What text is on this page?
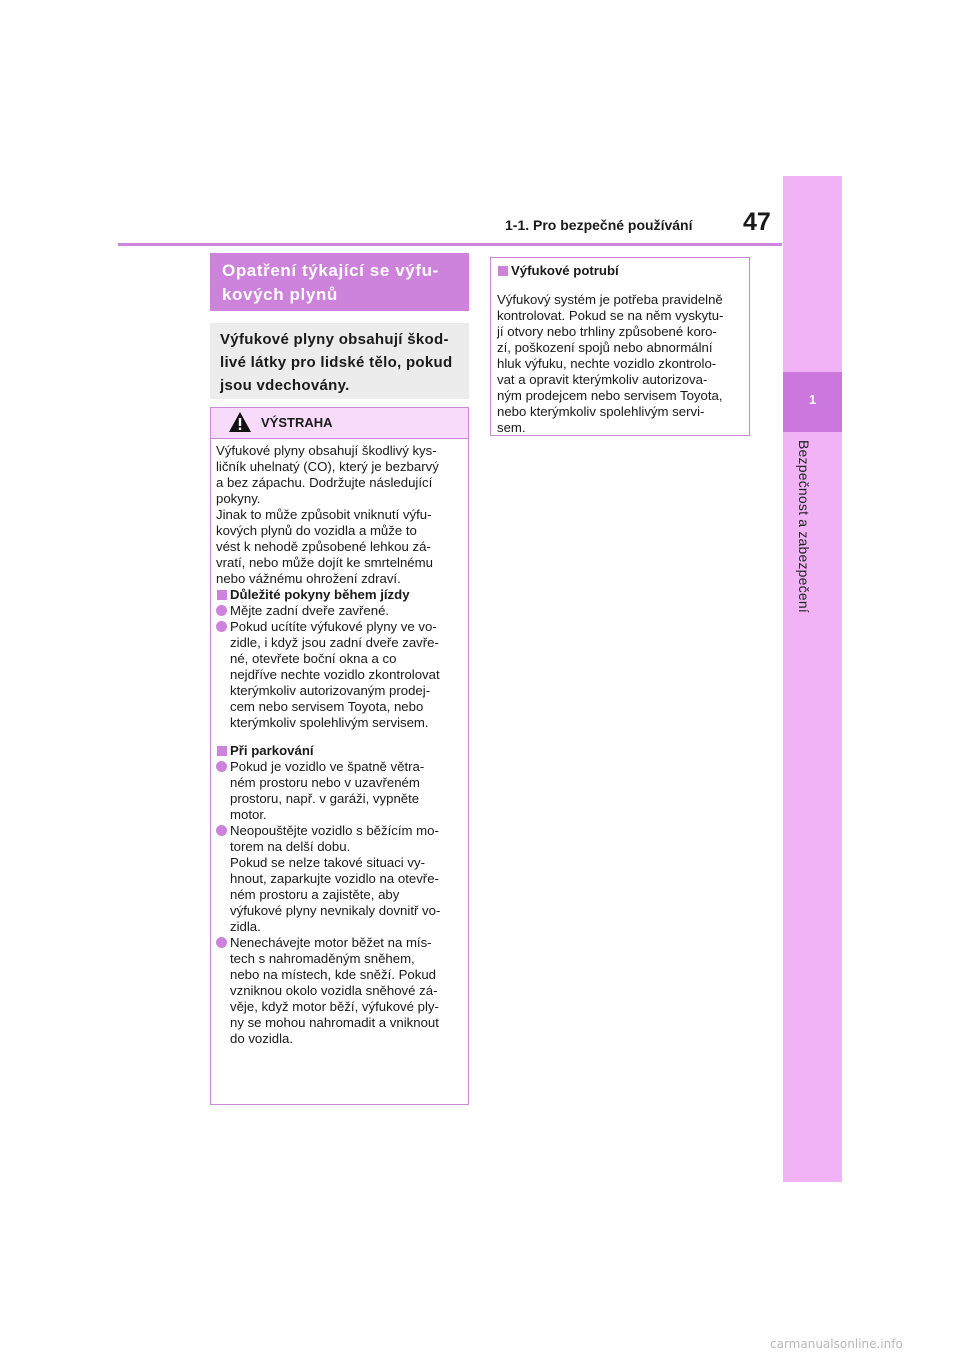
1-1. Pro bezpečné používání 47
1
Bezpečnost a zabezpečení
Opatření týkající se výfu-
kových plynů
Výfukové plyny obsahují škod-
livé látky pro lidské tělo, pokud
jsou vdechovány.
VÝSTRAHA

Výfukové plyny obsahují škodlivý kys-
ličník uhelnatý (CO), který je bezbarvý
a bez zápachu. Dodržujte následující
pokyny.
Jinak to může způsobit vniknutí výfu-
kových plynů do vozidla a může to
vést k nehodě způsobené lehkou zá-
vratí, nebo může dojít ke smrtelnému
nebo vážnému ohrožení zdraví.

Důležité pokyny během jízdy

Mějte zadní dveře zavřené.

Pokud ucítíte výfukové plyny ve vo-
zidle, i když jsou zadní dveře zavře-
né, otevřete boční okna a co
nejdříve nechte vozidlo zkontrolovat
kterýmkoliv autorizovaným prodej-
cem nebo servisem Toyota, nebo
kterýmkoliv spolehlivým servisem.

Při parkování

Pokud je vozidlo ve špatně větra-
ném prostoru nebo v uzavřeném
prostoru, např. v garáži, vypněte
motor.

Neopouštějte vozidlo s běžícím mo-
torem na delší dobu.
Pokud se nelze takové situaci vy-
hnout, zaparkujte vozidlo na otevře-
ném prostoru a zajistěte, aby
výfukové plyny nevnikaly dovnitř vo-
zidla.

Nenechávejte motor běžet na mís-
tech s nahromaděným sněhem,
nebo na místech, kde sněží. Pokud
vzniknou okolo vozidla sněhové zá-
věje, když motor běží, výfukové ply-
ny se mohou nahromadit a vniknout
do vozidla.

Výfukové potrubí

Výfukový systém je potřeba pravidelně
kontrolovat. Pokud se na něm vyskytu-
jí otvory nebo trhliny způsobené koro-
zí, poškození spojů nebo abnormální
hluk výfuku, nechte vozidlo zkontrolo-
vat a opravit kterýmkoliv autorizova-
ným prodejcem nebo servisem Toyota,
nebo kterýmkoliv spolehlivým servi-
sem.

carmanualsonline.info
